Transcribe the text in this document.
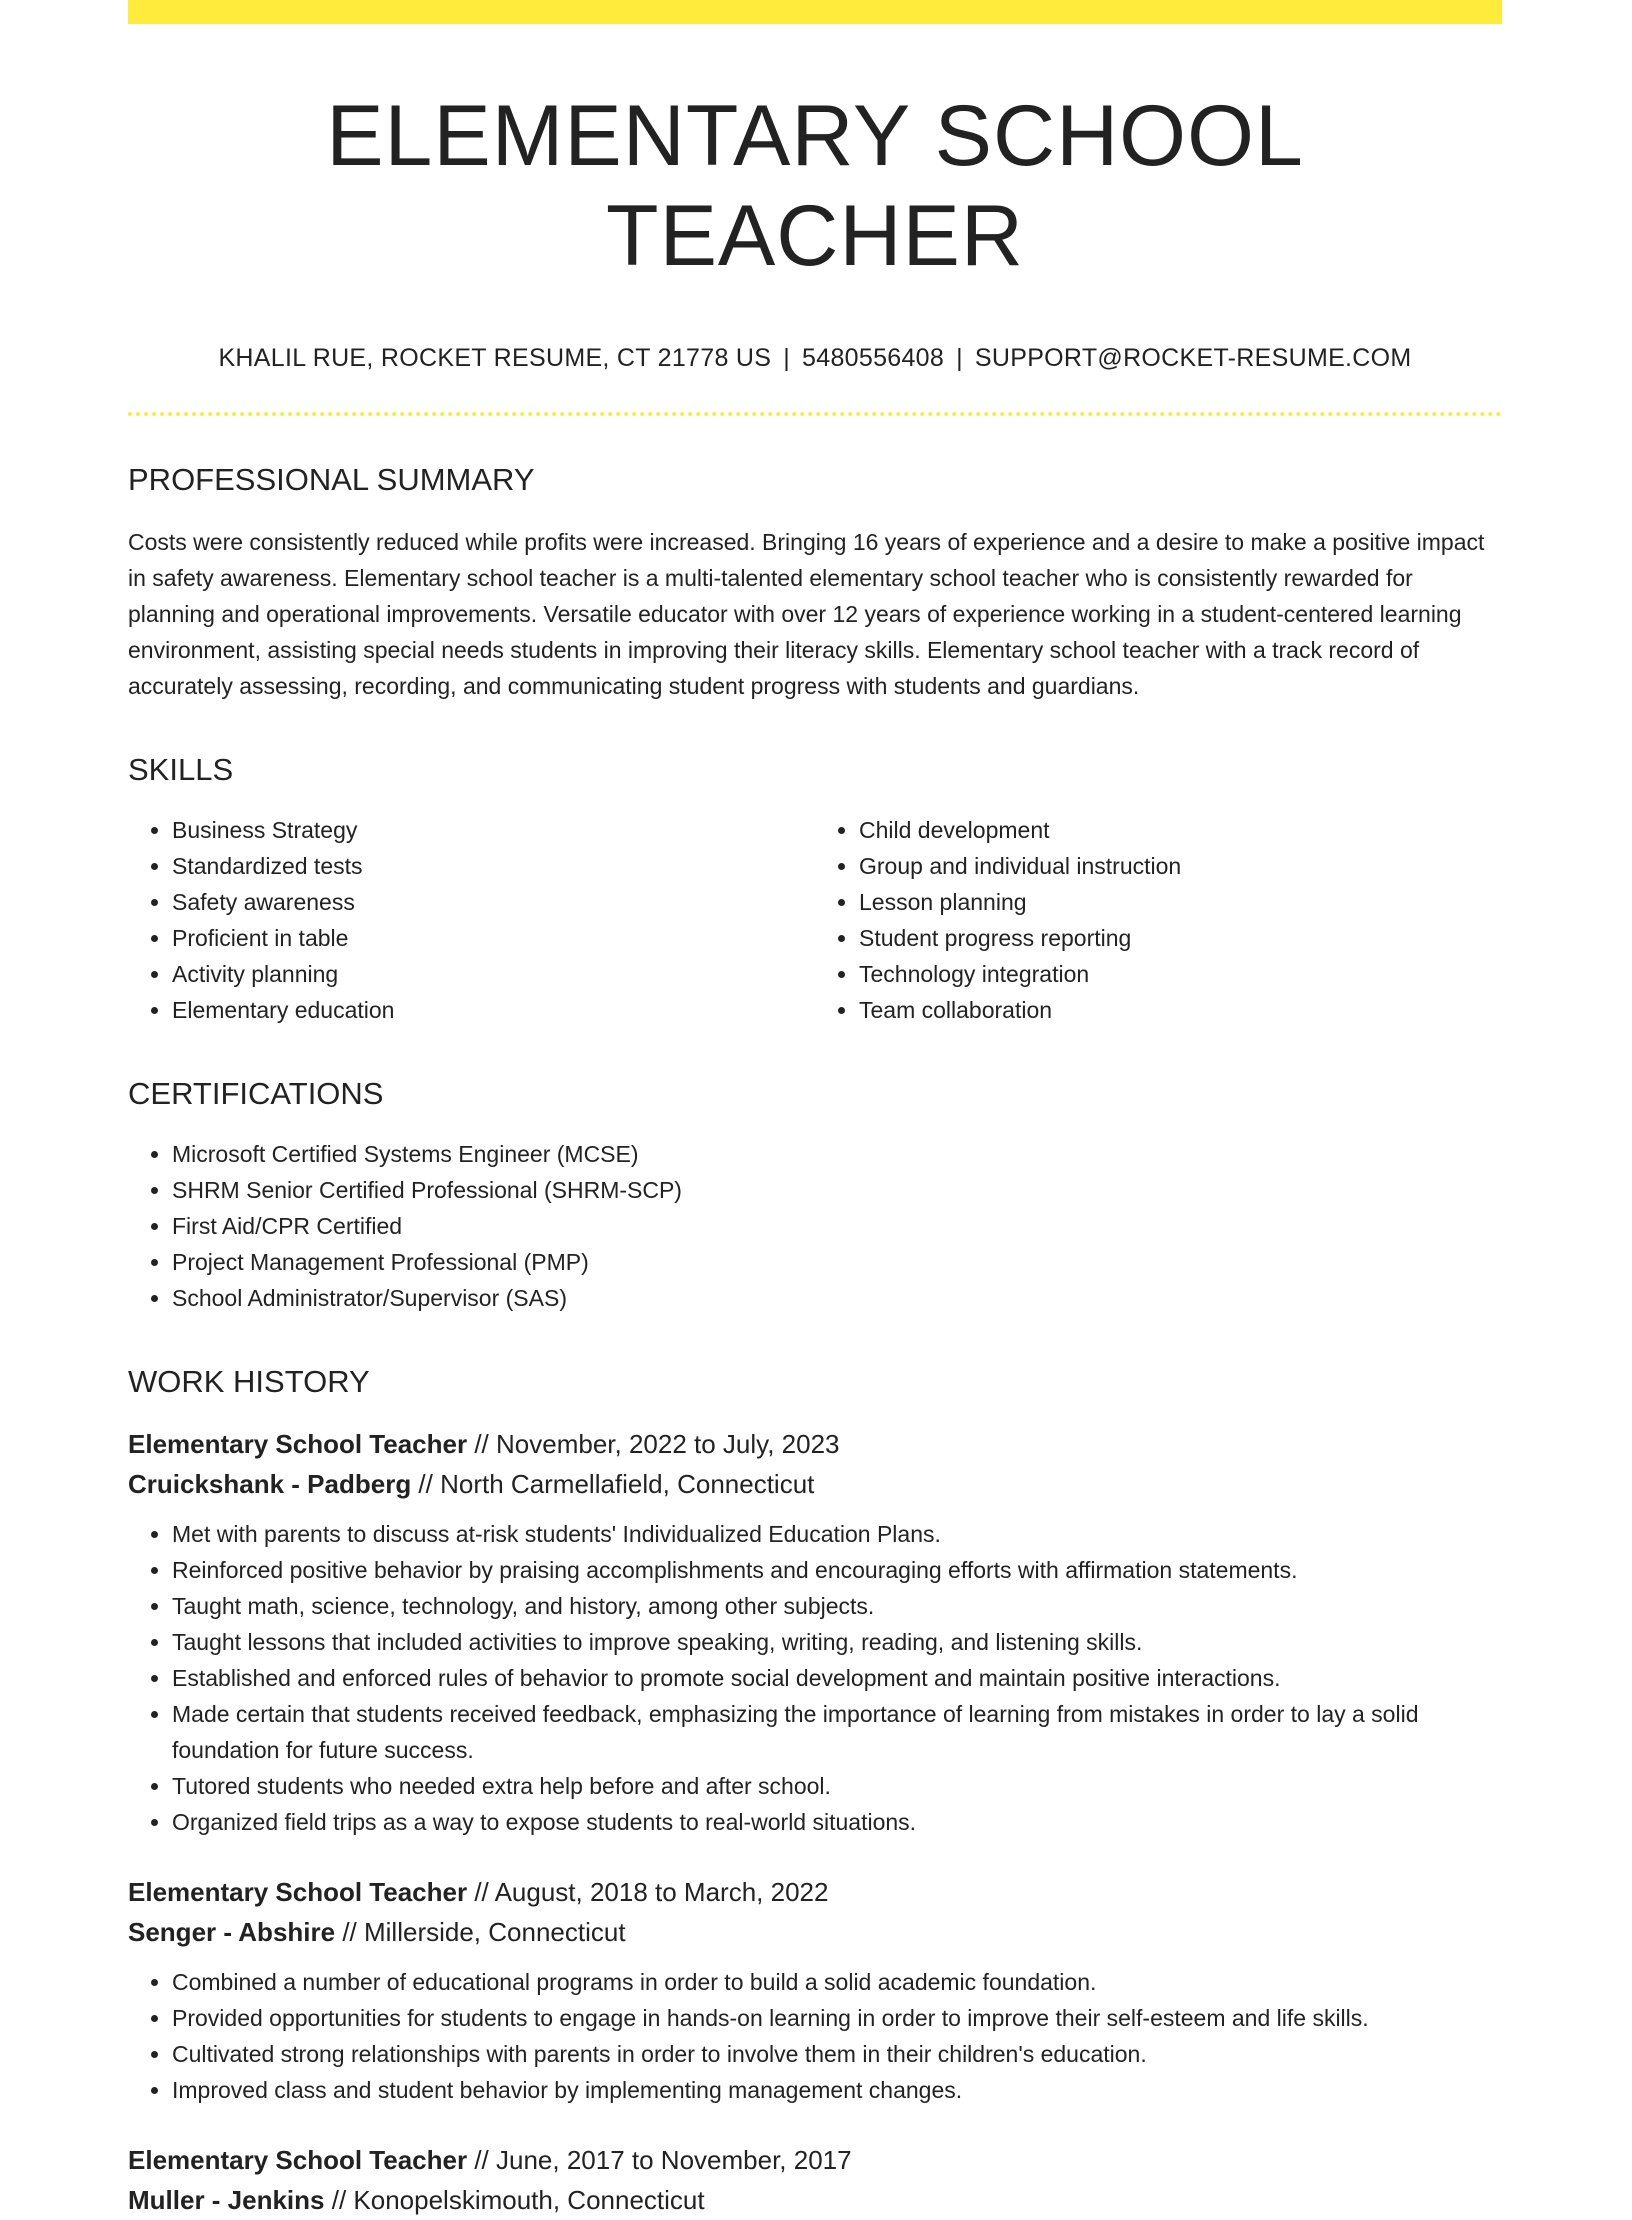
ELEMENTARY SCHOOL TEACHER
KHALIL RUE, ROCKET RESUME, CT 21778 US | 5480556408 | SUPPORT@ROCKET-RESUME.COM
PROFESSIONAL SUMMARY

Costs were consistently reduced while profits were increased. Bringing 16 years of experience and a desire to make a positive impact in safety awareness. Elementary school teacher is a multi-talented elementary school teacher who is consistently rewarded for planning and operational improvements. Versatile educator with over 12 years of experience working in a student-centered learning environment, assisting special needs students in improving their literacy skills. Elementary school teacher with a track record of accurately assessing, recording, and communicating student progress with students and guardians.

SKILLS
• Business Strategy
• Standardized tests
• Safety awareness
• Proficient in table
• Activity planning
• Elementary education
• Child development
• Group and individual instruction
• Lesson planning
• Student progress reporting
• Technology integration
• Team collaboration
CERTIFICATIONS
• Microsoft Certified Systems Engineer (MCSE)
• SHRM Senior Certified Professional (SHRM-SCP)
• First Aid/CPR Certified
• Project Management Professional (PMP)
• School Administrator/Supervisor (SAS)
WORK HISTORY
Elementary School Teacher // November, 2022 to July, 2023
Cruickshank - Padberg // North Carmellafield, Connecticut
• Met with parents to discuss at-risk students' Individualized Education Plans.
• Reinforced positive behavior by praising accomplishments and encouraging efforts with affirmation statements.
• Taught math, science, technology, and history, among other subjects.
• Taught lessons that included activities to improve speaking, writing, reading, and listening skills.
• Established and enforced rules of behavior to promote social development and maintain positive interactions.
• Made certain that students received feedback, emphasizing the importance of learning from mistakes in order to lay a solid foundation for future success.
• Tutored students who needed extra help before and after school.
• Organized field trips as a way to expose students to real-world situations.
Elementary School Teacher // August, 2018 to March, 2022
Senger - Abshire // Millerside, Connecticut
• Combined a number of educational programs in order to build a solid academic foundation.
• Provided opportunities for students to engage in hands-on learning in order to improve their self-esteem and life skills.
• Cultivated strong relationships with parents in order to involve them in their children's education.
• Improved class and student behavior by implementing management changes.
Elementary School Teacher // June, 2017 to November, 2017
Muller - Jenkins // Konopelskimouth, Connecticut
